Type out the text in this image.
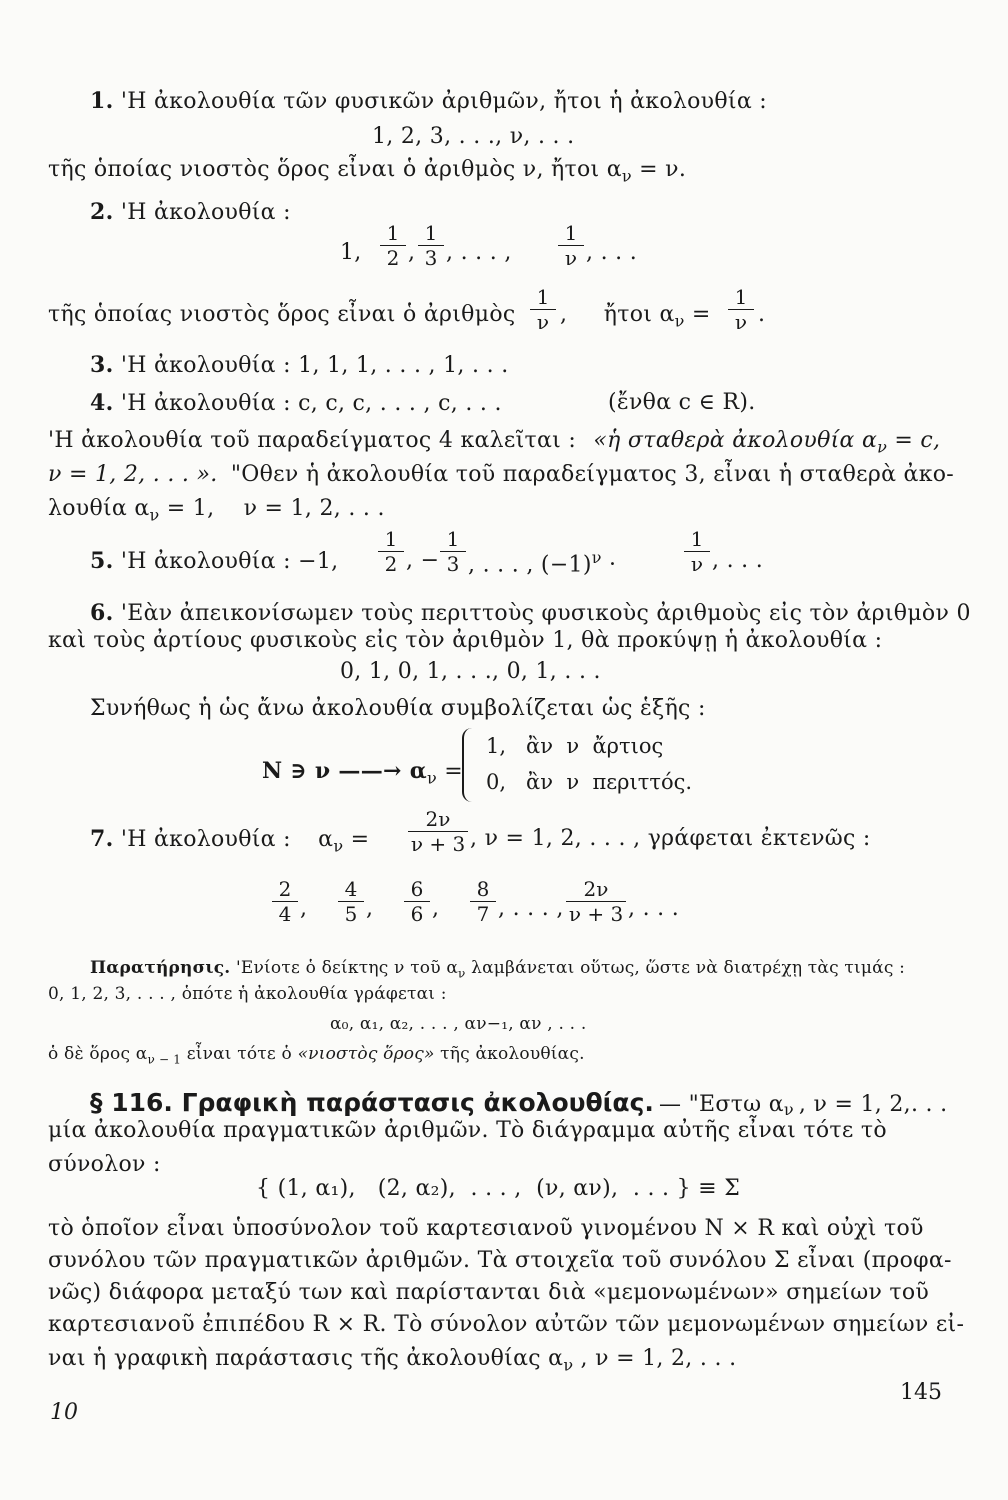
1. 'Η ἀκολουθία τῶν φυσικῶν ἀριθμῶν, ἤτοι ἡ ἀκολουθία :
1, 2, 3, . . ., ν, . . .
τῆς ὁποίας νιοστὸς ὅρος εἶναι ὁ ἀριθμὸς ν, ἤτοι $\alpha_\nu = \nu$.
2. 'Η ἀκολουθία :
1,
1
2 ,
1
3 , . . . ,
1
ν , . . .
τῆς ὁποίας νιοστὸς ὅρος εἶναι ὁ ἀριθμὸς
1
ν ,     ἤτοι $\alpha_\nu$ =
1
ν .
3. 'Η ἀκολουθία : 1, 1, 1, . . . , 1, . . .
4. 'Η ἀκολουθία : c, c, c, . . . , c, . . .	(ἔνθα c ∈ R).
'Η ἀκολουθία τοῦ παραδείγματος 4 καλεῖται : «ἡ σταθερὰ ἀκολουθία $\alpha_\nu = c$,
ν = 1, 2, . . . ». "Οθεν ἡ ἀκολουθία τοῦ παραδείγματος 3, εἶναι ἡ σταθερὰ ἀκο-
λουθία $\alpha_\nu = 1$,    ν = 1, 2, . . .
5. 'Η ἀκολουθία : −1,
1
2 , −
1
3 , . . . , $(-1)^\nu$ ·
1
ν , . . .
6. 'Εὰν ἀπεικονίσωμεν τοὺς περιττοὺς φυσικοὺς ἀριθμοὺς εἰς τὸν ἀριθμὸν 0
καὶ τοὺς ἀρτίους φυσικοὺς εἰς τὸν ἀριθμὸν 1, θὰ προκύψῃ ἡ ἀκολουθία :
0, 1, 0, 1, . . ., 0, 1, . . .
Συνήθως ἡ ὡς ἄνω ἀκολουθία συμβολίζεται ὡς ἑξῆς :
N ∋ ν ——→ $\alpha_\nu$ =
1,   ἂν  ν  ἄρτιος
0,   ἂν  ν  περιττός.
7. 'Η ἀκολουθία : $\alpha_\nu$ =
2ν
ν + 3 , ν = 1, 2, . . . , γράφεται ἐκτενῶς :
2
4 ,
4
5 ,
6
6 ,
8
7 , . . . ,
2ν
ν + 3 , . . .
Παρατήρησις. 'Ενίοτε ὁ δείκτης ν τοῦ $\alpha_\nu$ λαμβάνεται οὕτως, ὥστε νὰ διατρέχῃ τὰς τιμάς :
0, 1, 2, 3, . . . , ὁπότε ἡ ἀκολουθία γράφεται :
α₀, α₁, α₂, . . . , αν−₁, αν , . . .
ὁ δὲ ὅρος $\alpha_{\nu - 1}$ εἶναι τότε ὁ «νιοστὸς ὅρος» τῆς ἀκολουθίας.
§ 116. Γραφικὴ παράστασις ἀκολουθίας. — "Εστω $\alpha_\nu$ , ν = 1, 2,. . .
μία ἀκολουθία πραγματικῶν ἀριθμῶν. Τὸ διάγραμμα αὐτῆς εἶναι τότε τὸ
σύνολον :
{ (1, α₁),   (2, α₂),  . . . ,  (ν, αν),  . . . } ≡ Σ
τὸ ὁποῖον εἶναι ὑποσύνολον τοῦ καρτεσιανοῦ γινομένου N × R καὶ οὐχὶ τοῦ
συνόλου τῶν πραγματικῶν ἀριθμῶν. Τὰ στοιχεῖα τοῦ συνόλου Σ εἶναι (προφα-
νῶς) διάφορα μεταξύ των καὶ παρίστανται διὰ «μεμονωμένων» σημείων τοῦ
καρτεσιανοῦ ἐπιπέδου R × R. Τὸ σύνολον αὐτῶν τῶν μεμονωμένων σημείων εἰ-
ναι ἡ γραφικὴ παράστασις τῆς ἀκολουθίας $\alpha_\nu$ , ν = 1, 2, . . .
10
145
